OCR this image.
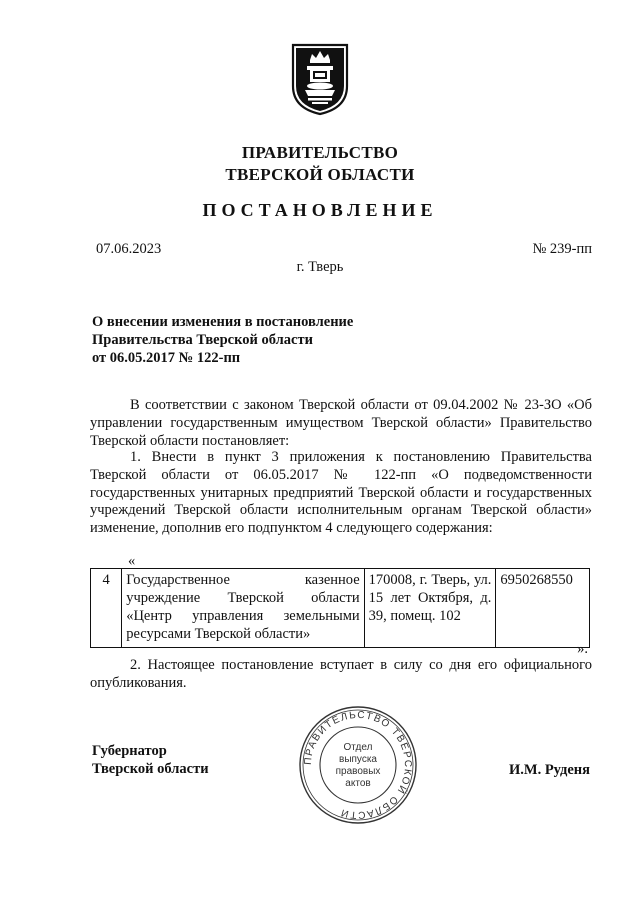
ПРАВИТЕЛЬСТВО
ТВЕРСКОЙ ОБЛАСТИ
ПОСТАНОВЛЕНИЕ
07.06.2023	№ 239-пп
г. Тверь
О внесении изменения в постановление
Правительства Тверской области
от 06.05.2017 № 122-пп

В соответствии с законом Тверской области от 09.04.2002 № 23-ЗО «Об управлении государственным имуществом Тверской области» Правительство Тверской области постановляет:

1. Внести в пункт 3 приложения к постановлению Правительства Тверской области от 06.05.2017 № 122-пп «О подведомственности государственных унитарных предприятий Тверской области и государственных учреждений Тверской области исполнительным органам Тверской области» изменение, дополнив его подпунктом 4 следующего содержания:

«
4	Государственное казенное учреждение Тверской области «Центр управления земельными ресурсами Тверской области»	170008, г. Тверь, ул. 15 лет Октября, д. 39, помещ. 102	6950268550
».

2. Настоящее постановление вступает в силу со дня его официального опубликования.

Губернатор
Тверской области	И.М. Руденя
ПРАВИТЕЛЬСТВО ТВЕРСКОЙ ОБЛАСТИ
Отдел
выпуска
правовых
актов
